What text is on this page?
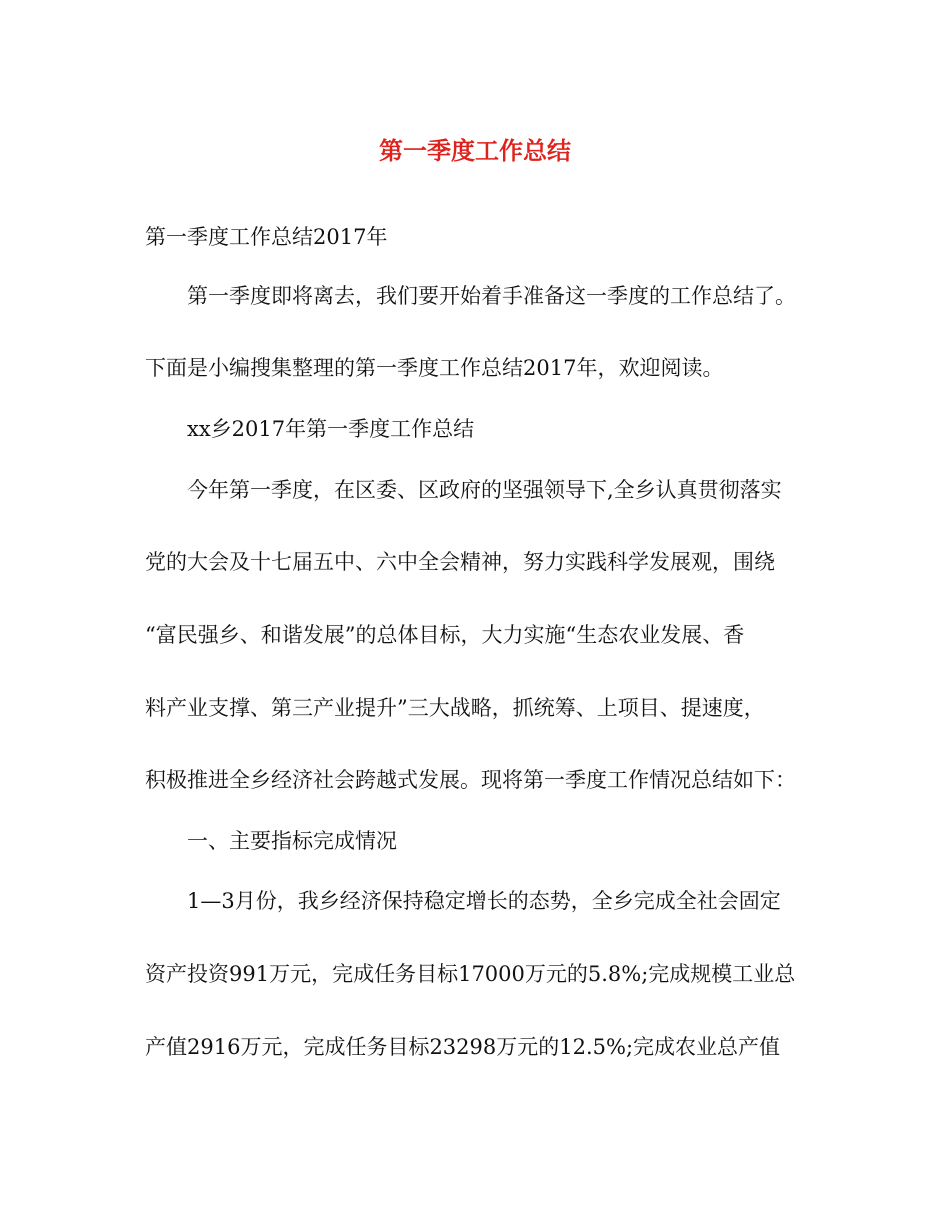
第一季度工作总结

第一季度工作总结2017年

第一季度即将离去，我们要开始着手准备这一季度的工作总结了。

下面是小编搜集整理的第一季度工作总结2017年，欢迎阅读。

xx乡2017年第一季度工作总结

今年第一季度，在区委、区政府的坚强领导下,全乡认真贯彻落实

党的大会及十七届五中、六中全会精神，努力实践科学发展观，围绕

“富民强乡、和谐发展”的总体目标，大力实施“生态农业发展、香

料产业支撑、第三产业提升”三大战略，抓统筹、上项目、提速度，

积极推进全乡经济社会跨越式发展。现将第一季度工作情况总结如下：

一、主要指标完成情况

1—3月份，我乡经济保持稳定增长的态势，全乡完成全社会固定

资产投资991万元，完成任务目标17000万元的5.8%;完成规模工业总

产值2916万元，完成任务目标23298万元的12.5%;完成农业总产值
